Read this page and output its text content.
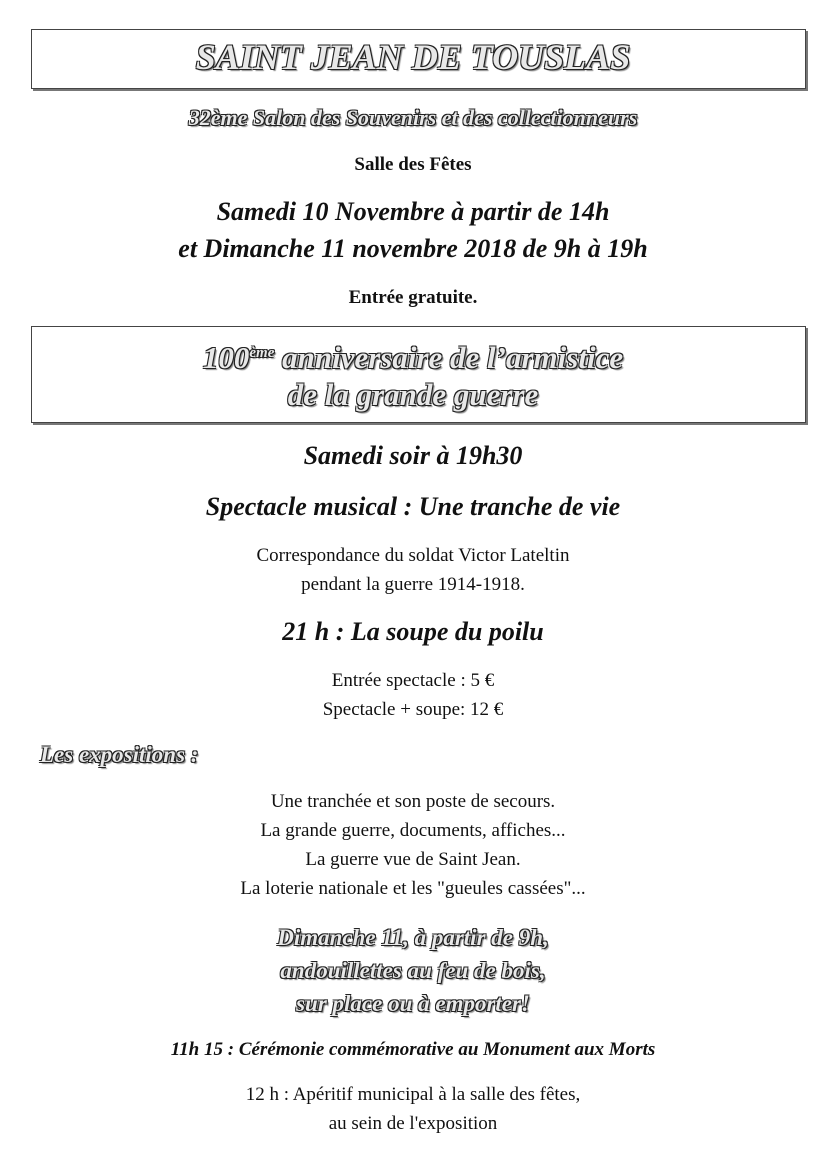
SAINT JEAN DE TOUSLAS
32ème Salon des Souvenirs et des collectionneurs
Salle des Fêtes
Samedi 10 Novembre à partir de 14h
et Dimanche 11 novembre 2018 de 9h à 19h
Entrée gratuite.
100ème anniversaire de l’armistice
de la grande guerre
Samedi soir à 19h30
Spectacle musical : Une tranche de vie
Correspondance du soldat Victor Lateltin
pendant la guerre 1914-1918.
21 h : La soupe du poilu
Entrée spectacle : 5 €
Spectacle + soupe: 12 €
Les expositions :
Une tranchée et son poste de secours.
La grande guerre, documents, affiches...
La guerre vue de Saint Jean.
La loterie nationale et les "gueules cassées"...
Dimanche 11, à partir de 9h,
andouillettes au feu de bois,
sur place ou à emporter!
11h 15 : Cérémonie commémorative au Monument aux Morts
12 h : Apéritif municipal à la salle des fêtes,
au sein de l'exposition
